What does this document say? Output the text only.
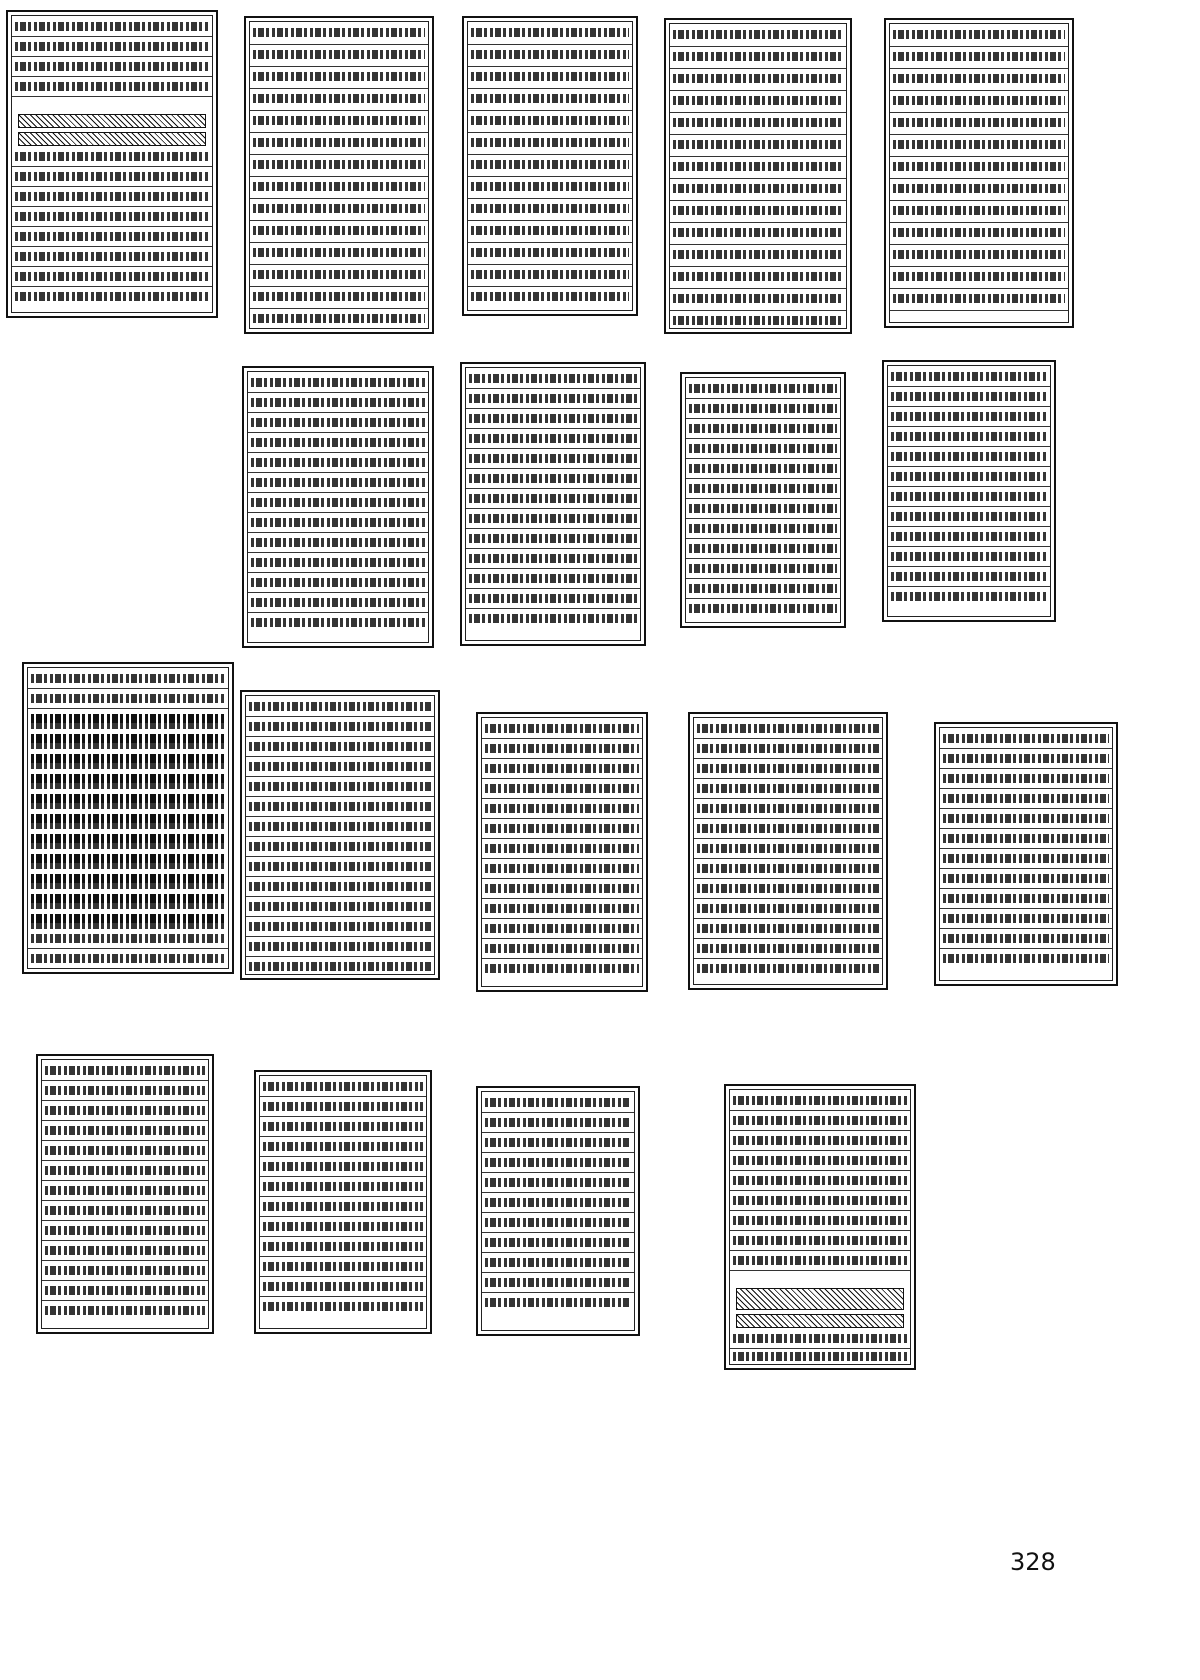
328
